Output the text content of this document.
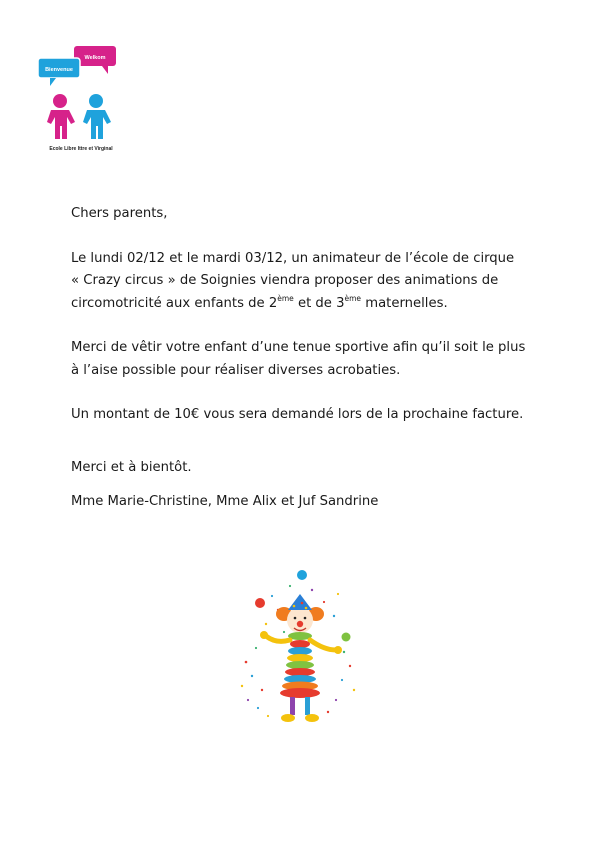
Welkom
Bienvenue
Ecole Libre Ittre et Virginal

Chers parents,

Le lundi 02/12 et le mardi 03/12, un animateur de l’école de cirque
« Crazy circus » de Soignies viendra proposer des animations de
circomotricité aux enfants de 2ème et de 3ème maternelles.

Merci de vêtir votre enfant d’une tenue sportive afin qu’il soit le plus
à l’aise possible pour réaliser diverses acrobaties.

Un montant de 10€ vous sera demandé lors de la prochaine facture.

Merci et à bientôt.

Mme Marie-Christine, Mme Alix et Juf Sandrine
